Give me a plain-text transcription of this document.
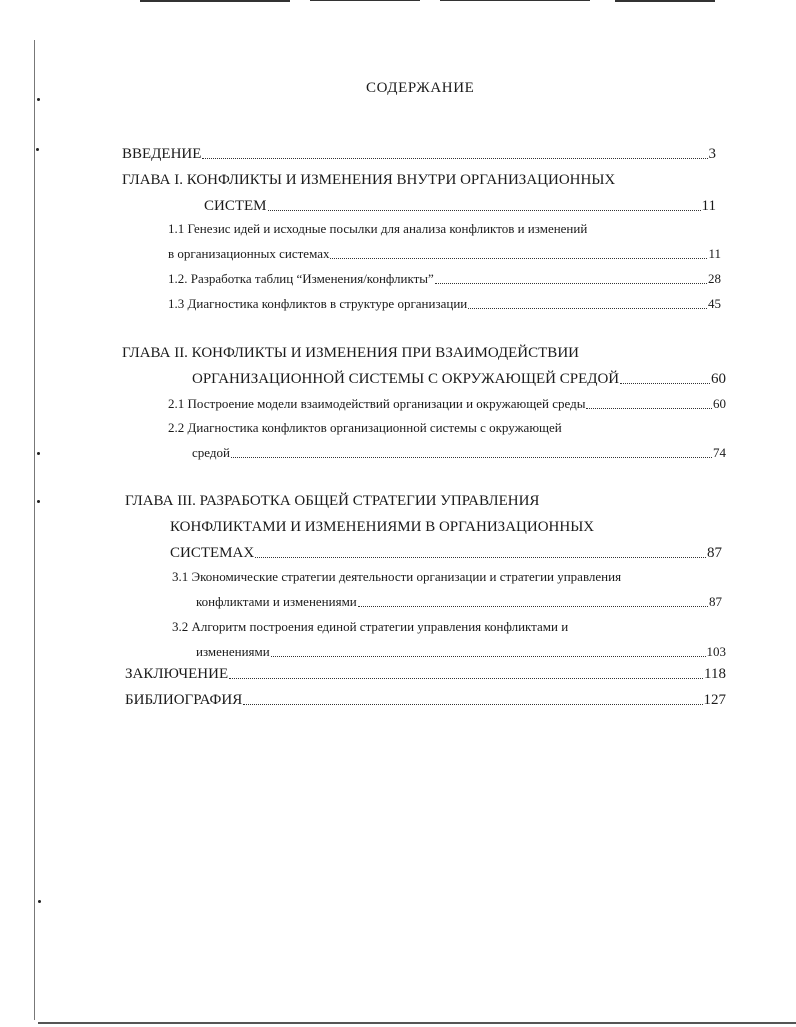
СОДЕРЖАНИЕ
ВВЕДЕНИЕ	3
ГЛАВА I. КОНФЛИКТЫ И ИЗМЕНЕНИЯ ВНУТРИ ОРГАНИЗАЦИОННЫХ
СИСТЕМ	11
1.1 Генезис идей и исходные посылки для анализа конфликтов и изменений
в организационных системах	11
1.2. Разработка таблиц “Изменения/конфликты”	28
1.3 Диагностика конфликтов в структуре организации	45
ГЛАВА II. КОНФЛИКТЫ И ИЗМЕНЕНИЯ ПРИ ВЗАИМОДЕЙСТВИИ
ОРГАНИЗАЦИОННОЙ СИСТЕМЫ С ОКРУЖАЮЩЕЙ СРЕДОЙ	60
2.1 Построение модели взаимодействий организации и окружающей среды	60
2.2 Диагностика конфликтов организационной системы с окружающей
средой	74
ГЛАВА III. РАЗРАБОТКА ОБЩЕЙ СТРАТЕГИИ УПРАВЛЕНИЯ
КОНФЛИКТАМИ И ИЗМЕНЕНИЯМИ В ОРГАНИЗАЦИОННЫХ
СИСТЕМАХ	87
3.1 Экономические стратегии деятельности организации и стратегии управления
конфликтами и изменениями	87
3.2 Алгоритм построения единой стратегии управления конфликтами и
изменениями	103
ЗАКЛЮЧЕНИЕ	118
БИБЛИОГРАФИЯ	127
